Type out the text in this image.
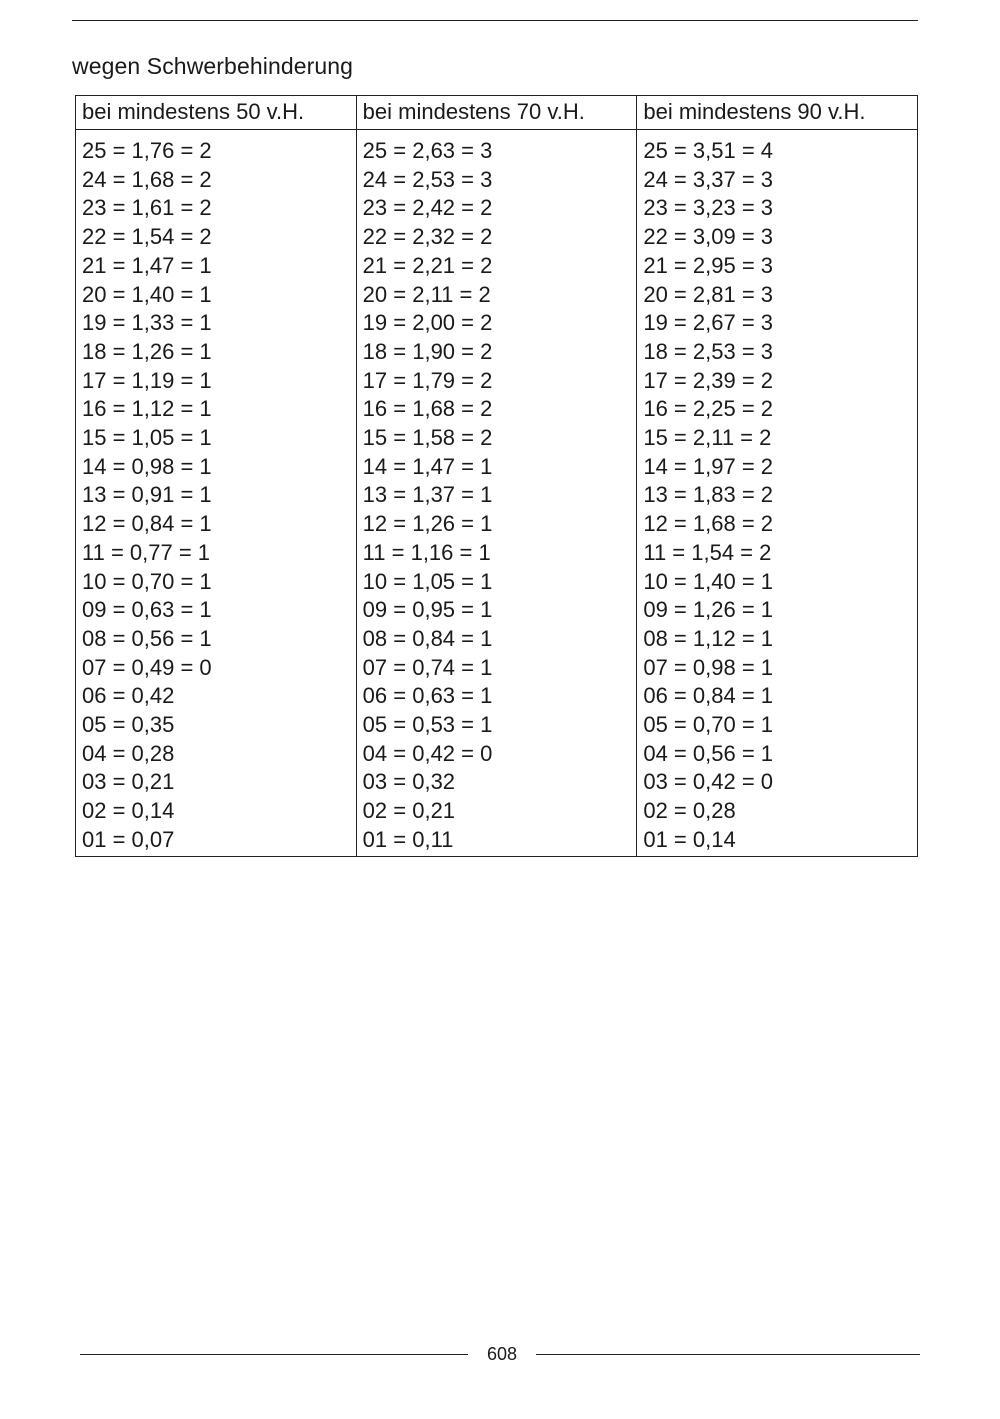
wegen Schwerbehinderung
bei mindestens 50 v.H.
25 = 1,76 = 2
24 = 1,68 = 2
23 = 1,61 = 2
22 = 1,54 = 2
21 = 1,47 = 1
20 = 1,40 = 1
19 = 1,33 = 1
18 = 1,26 = 1
17 = 1,19 = 1
16 = 1,12 = 1
15 = 1,05 = 1
14 = 0,98 = 1
13 = 0,91 = 1
12 = 0,84 = 1
11 = 0,77 = 1
10 = 0,70 = 1
09 = 0,63 = 1
08 = 0,56 = 1
07 = 0,49 = 0
06 = 0,42
05 = 0,35
04 = 0,28
03 = 0,21
02 = 0,14
01 = 0,07
bei mindestens 70 v.H.
25 = 2,63 = 3
24 = 2,53 = 3
23 = 2,42 = 2
22 = 2,32 = 2
21 = 2,21 = 2
20 = 2,11 = 2
19 = 2,00 = 2
18 = 1,90 = 2
17 = 1,79 = 2
16 = 1,68 = 2
15 = 1,58 = 2
14 = 1,47 = 1
13 = 1,37 = 1
12 = 1,26 = 1
11 = 1,16 = 1
10 = 1,05 = 1
09 = 0,95 = 1
08 = 0,84 = 1
07 = 0,74 = 1
06 = 0,63 = 1
05 = 0,53 = 1
04 = 0,42 = 0
03 = 0,32
02 = 0,21
01 = 0,11
bei mindestens 90 v.H.
25 = 3,51 = 4
24 = 3,37 = 3
23 = 3,23 = 3
22 = 3,09 = 3
21 = 2,95 = 3
20 = 2,81 = 3
19 = 2,67 = 3
18 = 2,53 = 3
17 = 2,39 = 2
16 = 2,25 = 2
15 = 2,11 = 2
14 = 1,97 = 2
13 = 1,83 = 2
12 = 1,68 = 2
11 = 1,54 = 2
10 = 1,40 = 1
09 = 1,26 = 1
08 = 1,12 = 1
07 = 0,98 = 1
06 = 0,84 = 1
05 = 0,70 = 1
04 = 0,56 = 1
03 = 0,42 = 0
02 = 0,28
01 = 0,14
608
